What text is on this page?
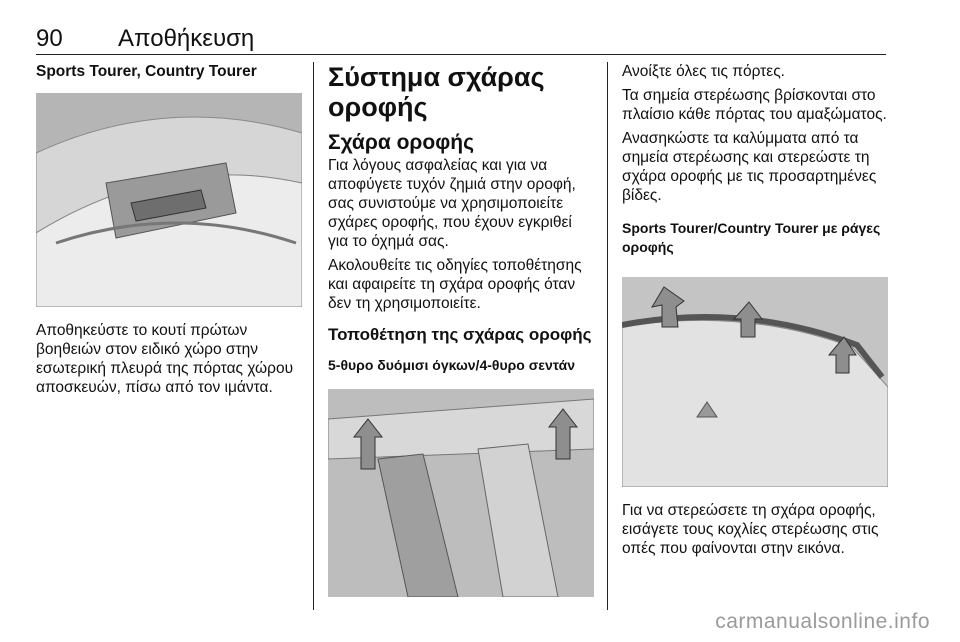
90 Αποθήκευση
Sports Tourer, Country Tourer

Αποθηκεύστε το κουτί πρώτων βοηθειών στον ειδικό χώρο στην εσωτερική πλευρά της πόρτας χώρου αποσκευών, πίσω από τον ιμάντα.

Σύστημα σχάρας οροφής
Σχάρα οροφής

Για λόγους ασφαλείας και για να αποφύγετε τυχόν ζημιά στην οροφή, σας συνιστούμε να χρησιμοποιείτε σχάρες οροφής, που έχουν εγκριθεί για το όχημά σας.

Ακολουθείτε τις οδηγίες τοποθέτησης και αφαιρείτε τη σχάρα οροφής όταν δεν τη χρησιμοποιείτε.

Τοποθέτηση της σχάρας οροφής
5-θυρο δυόμισι όγκων/4-θυρο σεντάν

Ανοίξτε όλες τις πόρτες.

Τα σημεία στερέωσης βρίσκονται στο πλαίσιο κάθε πόρτας του αμαξώματος.

Ανασηκώστε τα καλύμματα από τα σημεία στερέωσης και στερεώστε τη σχάρα οροφής με τις προσαρτημένες βίδες.

Sports Tourer/Country Tourer με ράγες οροφής

Για να στερεώσετε τη σχάρα οροφής, εισάγετε τους κοχλίες στερέωσης στις οπές που φαίνονται στην εικόνα.

carmanualsonline.info
